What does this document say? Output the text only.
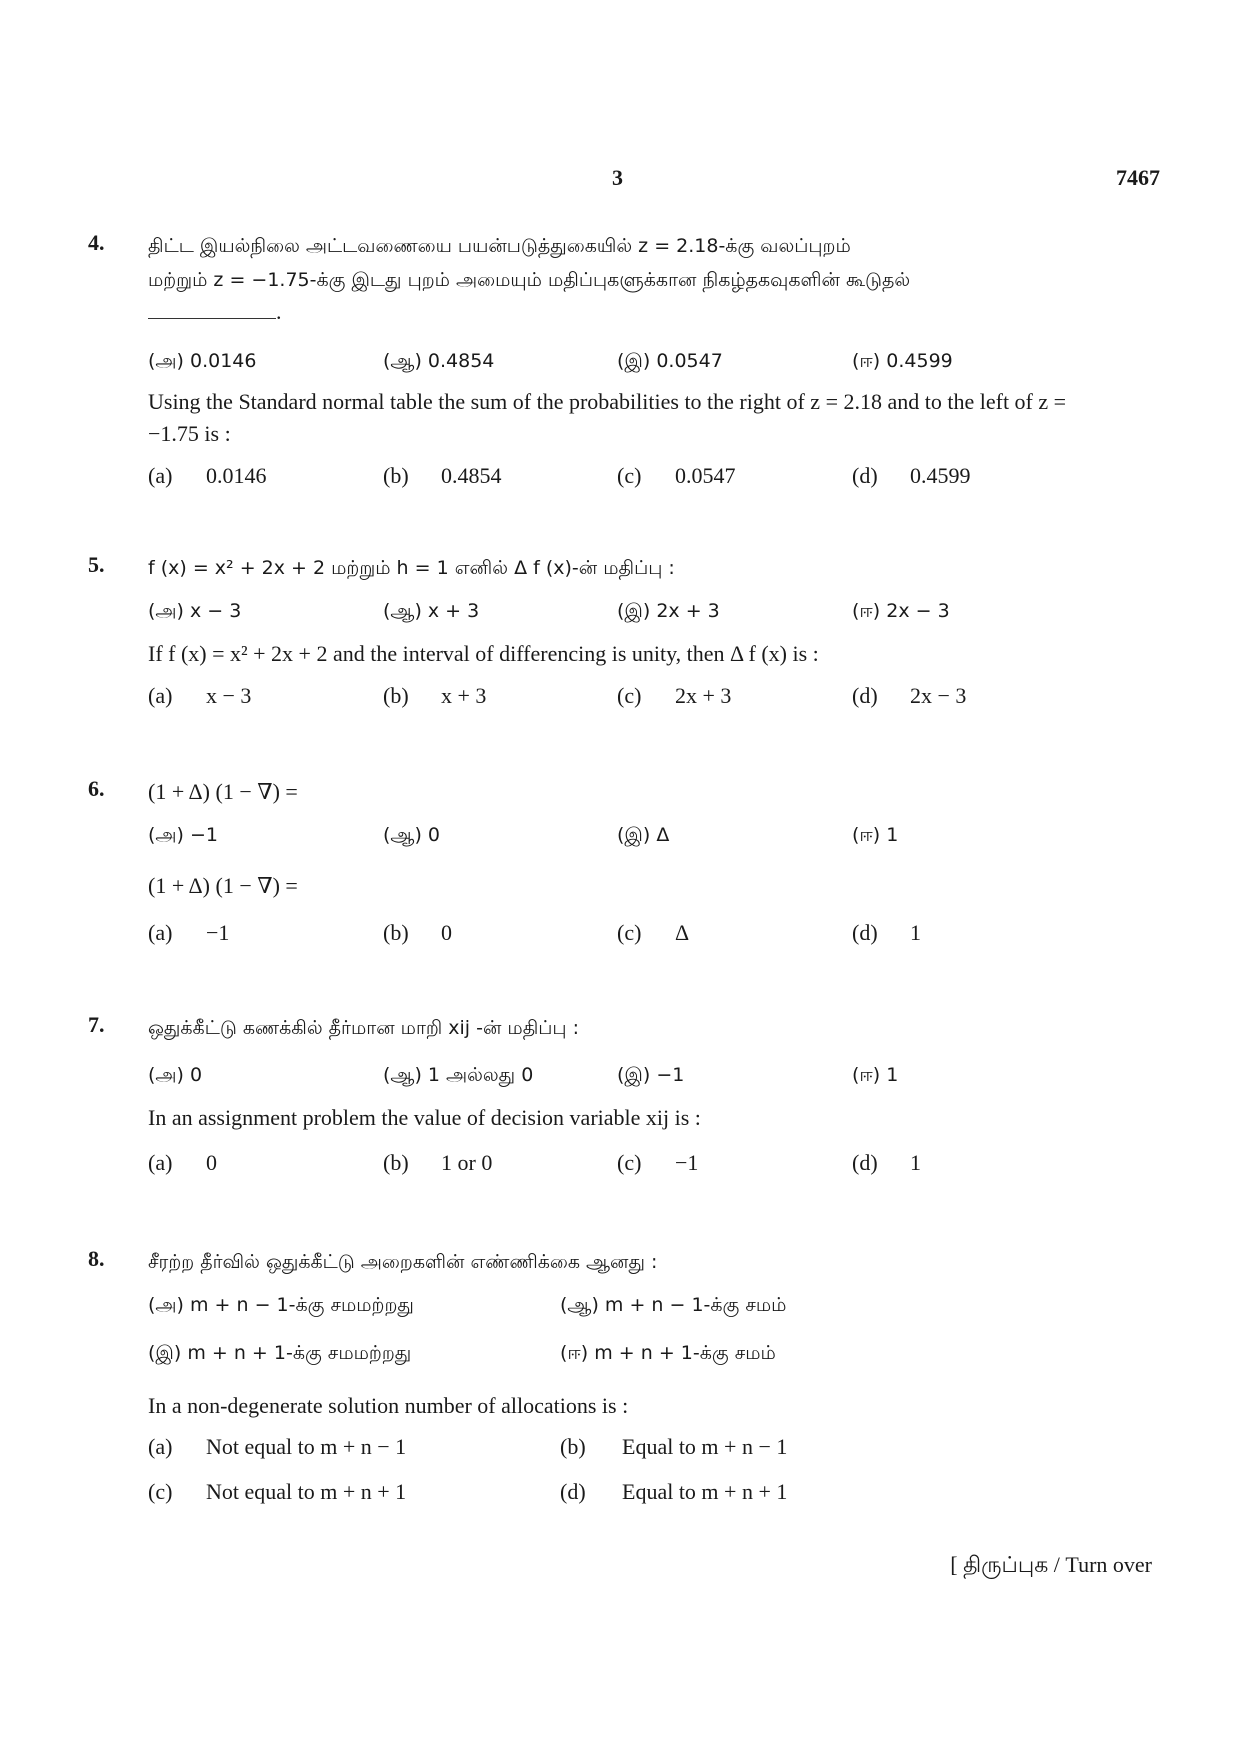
3	7467
4. திட்ட இயல்நிலை அட்டவணையை பயன்படுத்துகையில் z = 2.18-க்கு வலப்புறம்
மற்றும் z = −1.75-க்கு இடது புறம் அமையும் மதிப்புகளுக்கான நிகழ்தகவுகளின் கூடுதல்
.
(அ) 0.0146	(ஆ) 0.4854	(இ) 0.0547	(ஈ) 0.4599
Using the Standard normal table the sum of the probabilities to the right of z = 2.18 and to the left of z = −1.75 is :
(a) 0.0146	(b) 0.4854	(c) 0.0547	(d) 0.4599
5. f (x) = x² + 2x + 2 மற்றும் h = 1 எனில் Δ f (x)-ன் மதிப்பு :
(அ) x − 3	(ஆ) x + 3	(இ) 2x + 3	(ஈ) 2x − 3
If f (x) = x² + 2x + 2 and the interval of differencing is unity, then Δ f (x) is :
(a) x − 3	(b) x + 3	(c) 2x + 3	(d) 2x − 3
6. (1 + Δ) (1 − ∇) =
(அ) −1	(ஆ) 0	(இ) Δ	(ஈ) 1
(1 + Δ) (1 − ∇) =
(a) −1	(b) 0	(c) Δ	(d) 1
7. ஒதுக்கீட்டு கணக்கில் தீர்மான மாறி xij -ன் மதிப்பு :
(அ) 0	(ஆ) 1 அல்லது 0	(இ) −1	(ஈ) 1
In an assignment problem the value of decision variable xij is :
(a) 0	(b) 1 or 0	(c) −1	(d) 1
8. சீரற்ற தீர்வில் ஒதுக்கீட்டு அறைகளின் எண்ணிக்கை ஆனது :
(அ) m + n − 1-க்கு சமமற்றது	(ஆ) m + n − 1-க்கு சமம்
(இ) m + n + 1-க்கு சமமற்றது	(ஈ) m + n + 1-க்கு சமம்
In a non-degenerate solution number of allocations is :
(a) Not equal to m + n − 1	(b) Equal to m + n − 1
(c) Not equal to m + n + 1	(d) Equal to m + n + 1
[ திருப்புக / Turn over
